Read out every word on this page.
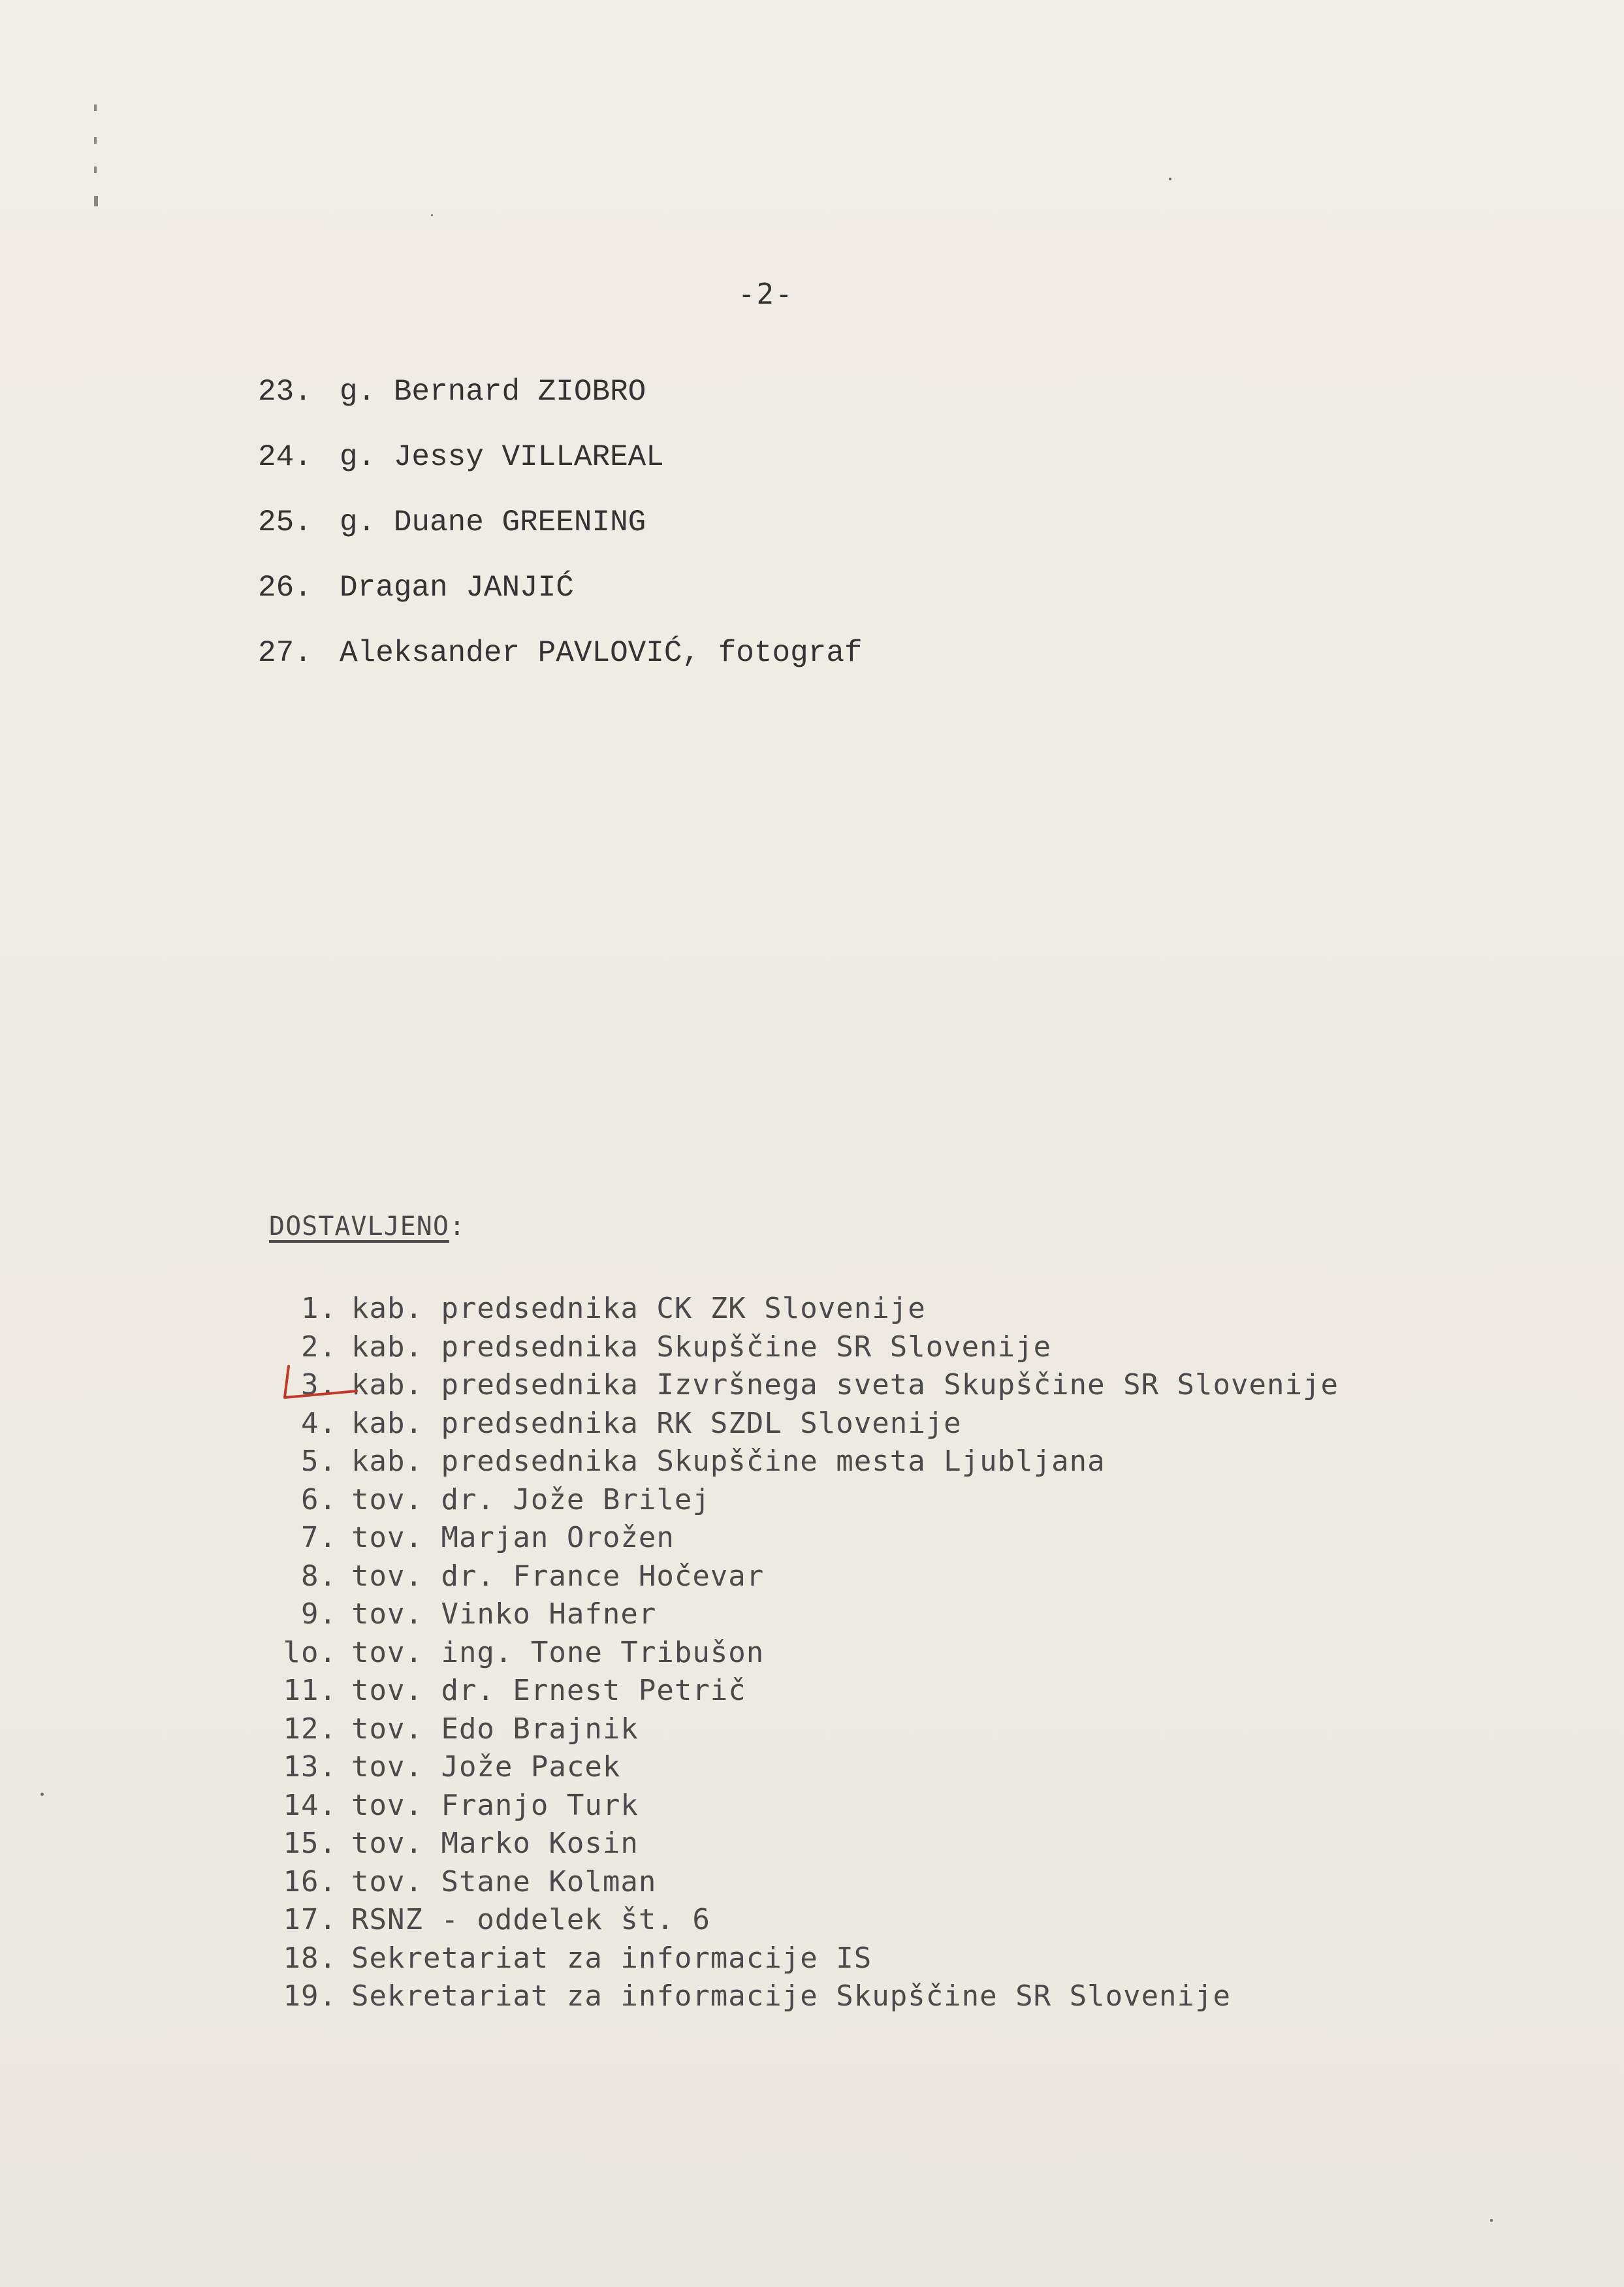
-2-
23. g. Bernard ZIOBRO
24. g. Jessy VILLAREAL
25. g. Duane GREENING
26. Dragan JANJIĆ
27. Aleksander PAVLOVIĆ, fotograf
DOSTAVLJENO:
1. kab. predsednika CK ZK Slovenije
2. kab. predsednika Skupščine SR Slovenije
3. kab. predsednika Izvršnega sveta Skupščine SR Slovenije
4. kab. predsednika RK SZDL Slovenije
5. kab. predsednika Skupščine mesta Ljubljana
6. tov. dr. Jože Brilej
7. tov. Marjan Orožen
8. tov. dr. France Hočevar
9. tov. Vinko Hafner
lo. tov. ing. Tone Tribušon
11. tov. dr. Ernest Petrič
12. tov. Edo Brajnik
13. tov. Jože Pacek
14. tov. Franjo Turk
15. tov. Marko Kosin
16. tov. Stane Kolman
17. RSNZ - oddelek št. 6
18. Sekretariat za informacije IS
19. Sekretariat za informacije Skupščine SR Slovenije
